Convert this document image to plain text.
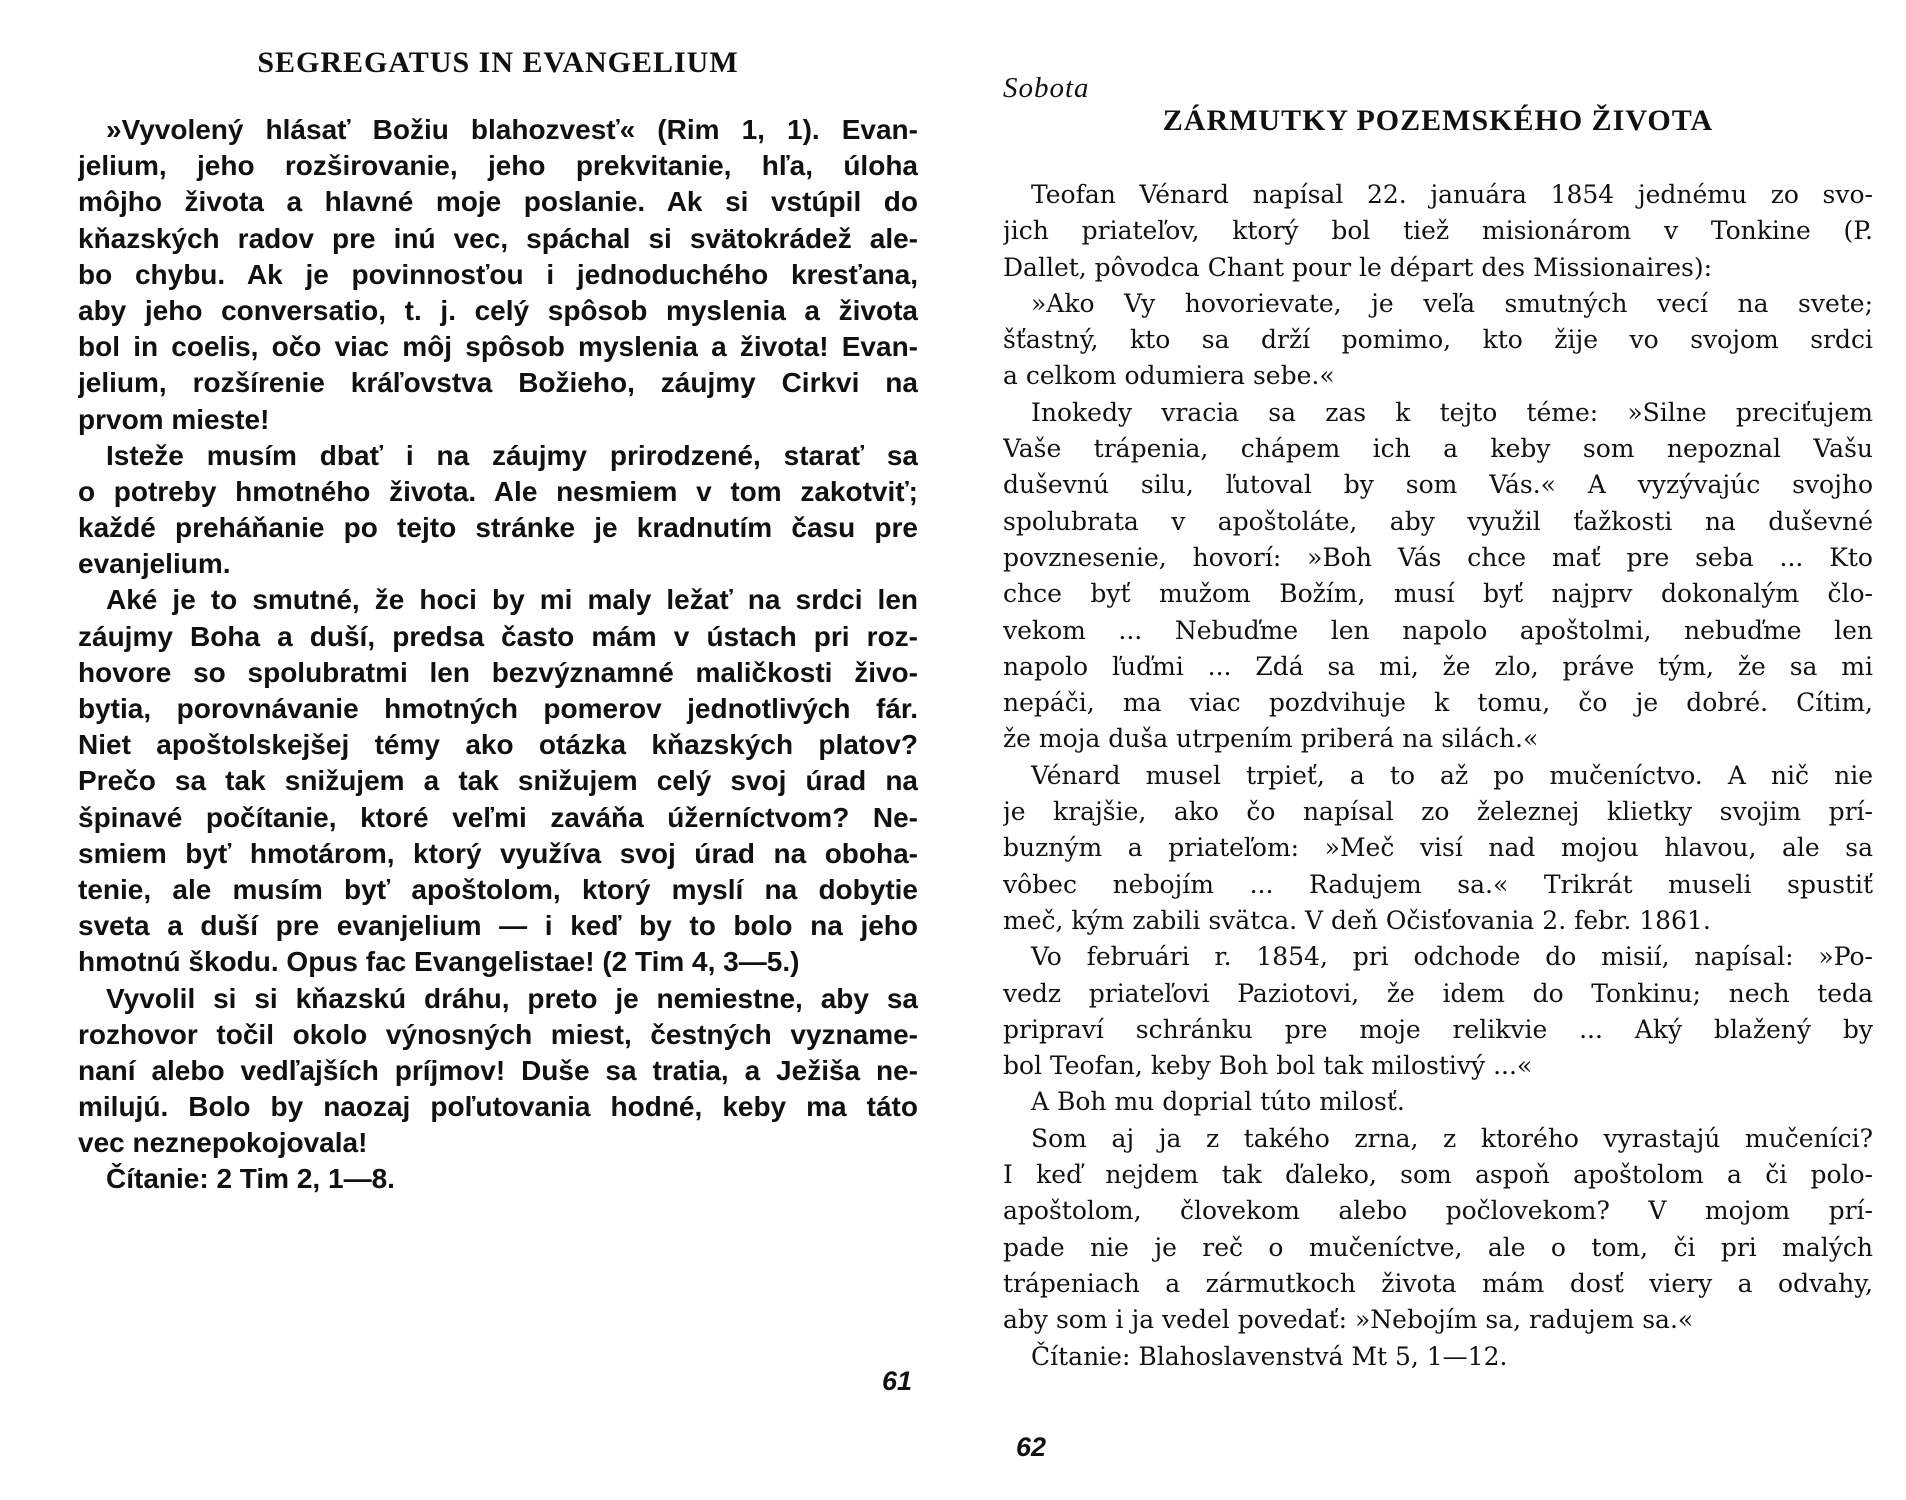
SEGREGATUS IN EVANGELIUM
»Vyvolený hlásať Božiu blahozvesť« (Rim 1, 1). Evan-
jelium, jeho rozširovanie, jeho prekvitanie, hľa, úloha
môjho života a hlavné moje poslanie. Ak si vstúpil do
kňazských radov pre inú vec, spáchal si svätokrádež ale-
bo chybu. Ak je povinnosťou i jednoduchého kresťana,
aby jeho conversatio, t. j. celý spôsob myslenia a života
bol in coelis, očo viac môj spôsob myslenia a života! Evan-
jelium, rozšírenie kráľovstva Božieho, záujmy Cirkvi na
prvom mieste!
Isteže musím dbať i na záujmy prirodzené, starať sa
o potreby hmotného života. Ale nesmiem v tom zakotviť;
každé preháňanie po tejto stránke je kradnutím času pre
evanjelium.
Aké je to smutné, že hoci by mi maly ležať na srdci len
záujmy Boha a duší, predsa často mám v ústach pri roz-
hovore so spolubratmi len bezvýznamné maličkosti živo-
bytia, porovnávanie hmotných pomerov jednotlivých fár.
Niet apoštolskejšej témy ako otázka kňazských platov?
Prečo sa tak snižujem a tak snižujem celý svoj úrad na
špinavé počítanie, ktoré veľmi zaváňa úžerníctvom? Ne-
smiem byť hmotárom, ktorý využíva svoj úrad na oboha-
tenie, ale musím byť apoštolom, ktorý myslí na dobytie
sveta a duší pre evanjelium — i keď by to bolo na jeho
hmotnú škodu. Opus fac Evangelistae! (2 Tim 4, 3—5.)
Vyvolil si si kňazskú dráhu, preto je nemiestne, aby sa
rozhovor točil okolo výnosných miest, čestných vyzname-
naní alebo vedľajších príjmov! Duše sa tratia, a Ježiša ne-
milujú. Bolo by naozaj poľutovania hodné, keby ma táto
vec neznepokojovala!
Čítanie: 2 Tim 2, 1—8.

61

Sobota

ZÁRMUTKY POZEMSKÉHO ŽIVOTA
Teofan Vénard napísal 22. januára 1854 jednému zo svo-
jich priateľov, ktorý bol tiež misionárom v Tonkine (P.
Dallet, pôvodca Chant pour le départ des Missionaires):
»Ako Vy hovorievate, je veľa smutných vecí na svete;
šťastný, kto sa drží pomimo, kto žije vo svojom srdci
a celkom odumiera sebe.«
Inokedy vracia sa zas k tejto téme: »Silne preciťujem
Vaše trápenia, chápem ich a keby som nepoznal Vašu
duševnú silu, ľutoval by som Vás.« A vyzývajúc svojho
spolubrata v apoštoláte, aby využil ťažkosti na duševné
povznesenie, hovorí: »Boh Vás chce mať pre seba ... Kto
chce byť mužom Božím, musí byť najprv dokonalým člo-
vekom ... Nebuďme len napolo apoštolmi, nebuďme len
napolo ľuďmi ... Zdá sa mi, že zlo, práve tým, že sa mi
nepáči, ma viac pozdvihuje k tomu, čo je dobré. Cítim,
že moja duša utrpením priberá na silách.«
Vénard musel trpieť, a to až po mučeníctvo. A nič nie
je krajšie, ako čo napísal zo železnej klietky svojim prí-
buzným a priateľom: »Meč visí nad mojou hlavou, ale sa
vôbec nebojím ... Radujem sa.« Trikrát museli spustiť
meč, kým zabili svätca. V deň Očisťovania 2. febr. 1861.
Vo februári r. 1854, pri odchode do misií, napísal: »Po-
vedz priateľovi Paziotovi, že idem do Tonkinu; nech teda
pripraví schránku pre moje relikvie ... Aký blažený by
bol Teofan, keby Boh bol tak milostivý ...«
A Boh mu doprial túto milosť.
Som aj ja z takého zrna, z ktorého vyrastajú mučeníci?
I keď nejdem tak ďaleko, som aspoň apoštolom a či polo-
apoštolom, človekom alebo počlovekom? V mojom prí-
pade nie je reč o mučeníctve, ale o tom, či pri malých
trápeniach a zármutkoch života mám dosť viery a odvahy,
aby som i ja vedel povedať: »Nebojím sa, radujem sa.«
Čítanie: Blahoslavenstvá Mt 5, 1—12.

62
